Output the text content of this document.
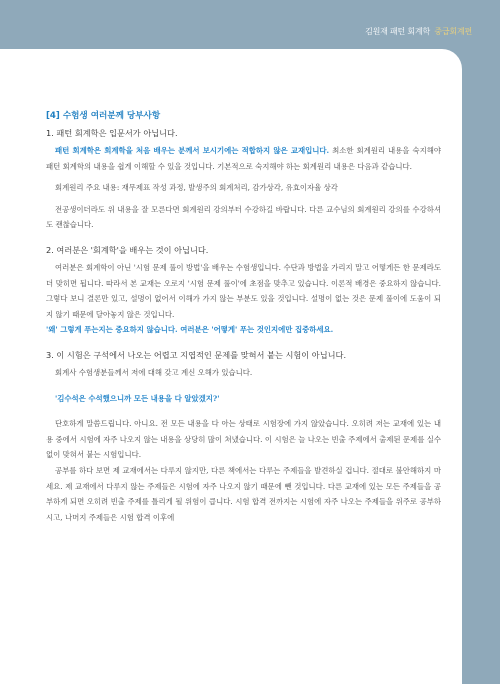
김원재 패턴 회계학 중급회계편
[4] 수험생 여러분께 당부사항
1. 패턴 회계학은 입문서가 아닙니다.

패턴 회계학은 회계학을 처음 배우는 분께서 보시기에는 적합하지 않은 교재입니다. 최소한 회계원리 내용을 숙지해야 패턴 회계학의 내용을 쉽게 이해할 수 있을 것입니다. 기본적으로 숙지해야 하는 회계원리 내용은 다음과 같습니다.

회계원리 주요 내용: 재무제표 작성 과정, 발생주의 회계처리, 감가상각, 유효이자율 상각

전공생이더라도 위 내용을 잘 모른다면 회계원리 강의부터 수강하길 바랍니다. 다른 교수님의 회계원리 강의를 수강하셔도 괜찮습니다.

2. 여러분은 '회계학'을 배우는 것이 아닙니다.

여러분은 회계학이 아닌 '시험 문제 풀이 방법'을 배우는 수험생입니다. 수단과 방법을 가리지 말고 어떻게든 한 문제라도 더 맞히면 됩니다. 따라서 본 교재는 오로지 '시험 문제 풀이'에 초점을 맞추고 있습니다. 이론적 배경은 중요하지 않습니다. 그렇다 보니 결론만 있고, 설명이 없어서 이해가 가지 않는 부분도 있을 것입니다. 설명이 없는 것은 문제 풀이에 도움이 되지 않기 때문에 달아놓지 않은 것입니다.

'왜' 그렇게 푸는지는 중요하지 않습니다. 여러분은 '어떻게' 푸는 것인지에만 집중하세요.

3. 이 시험은 구석에서 나오는 어렵고 지엽적인 문제를 맞혀서 붙는 시험이 아닙니다.

회계사 수험생분들께서 저에 대해 갖고 계신 오해가 있습니다.

'김수석은 수석했으니까 모든 내용을 다 알았겠지?'

단호하게 말씀드립니다. 아니요. 전 모든 내용을 다 아는 상태로 시험장에 가지 않았습니다. 오히려 저는 교재에 있는 내용 중에서 시험에 자주 나오지 않는 내용을 상당히 많이 쳐냈습니다. 이 시험은 늘 나오는 빈출 주제에서 출제된 문제를 실수 없이 맞혀서 붙는 시험입니다.

공부를 하다 보면 제 교재에서는 다루지 않지만, 다른 책에서는 다루는 주제들을 발견하실 겁니다. 절대로 불안해하지 마세요. 제 교재에서 다루지 않는 주제들은 시험에 자주 나오지 않기 때문에 뺀 것입니다. 다른 교재에 있는 모든 주제들을 공부하게 되면 오히려 빈출 주제를 틀리게 될 위험이 큽니다. 시험 합격 전까지는 시험에 자주 나오는 주제들을 위주로 공부하시고, 나머지 주제들은 시험 합격 이후에
